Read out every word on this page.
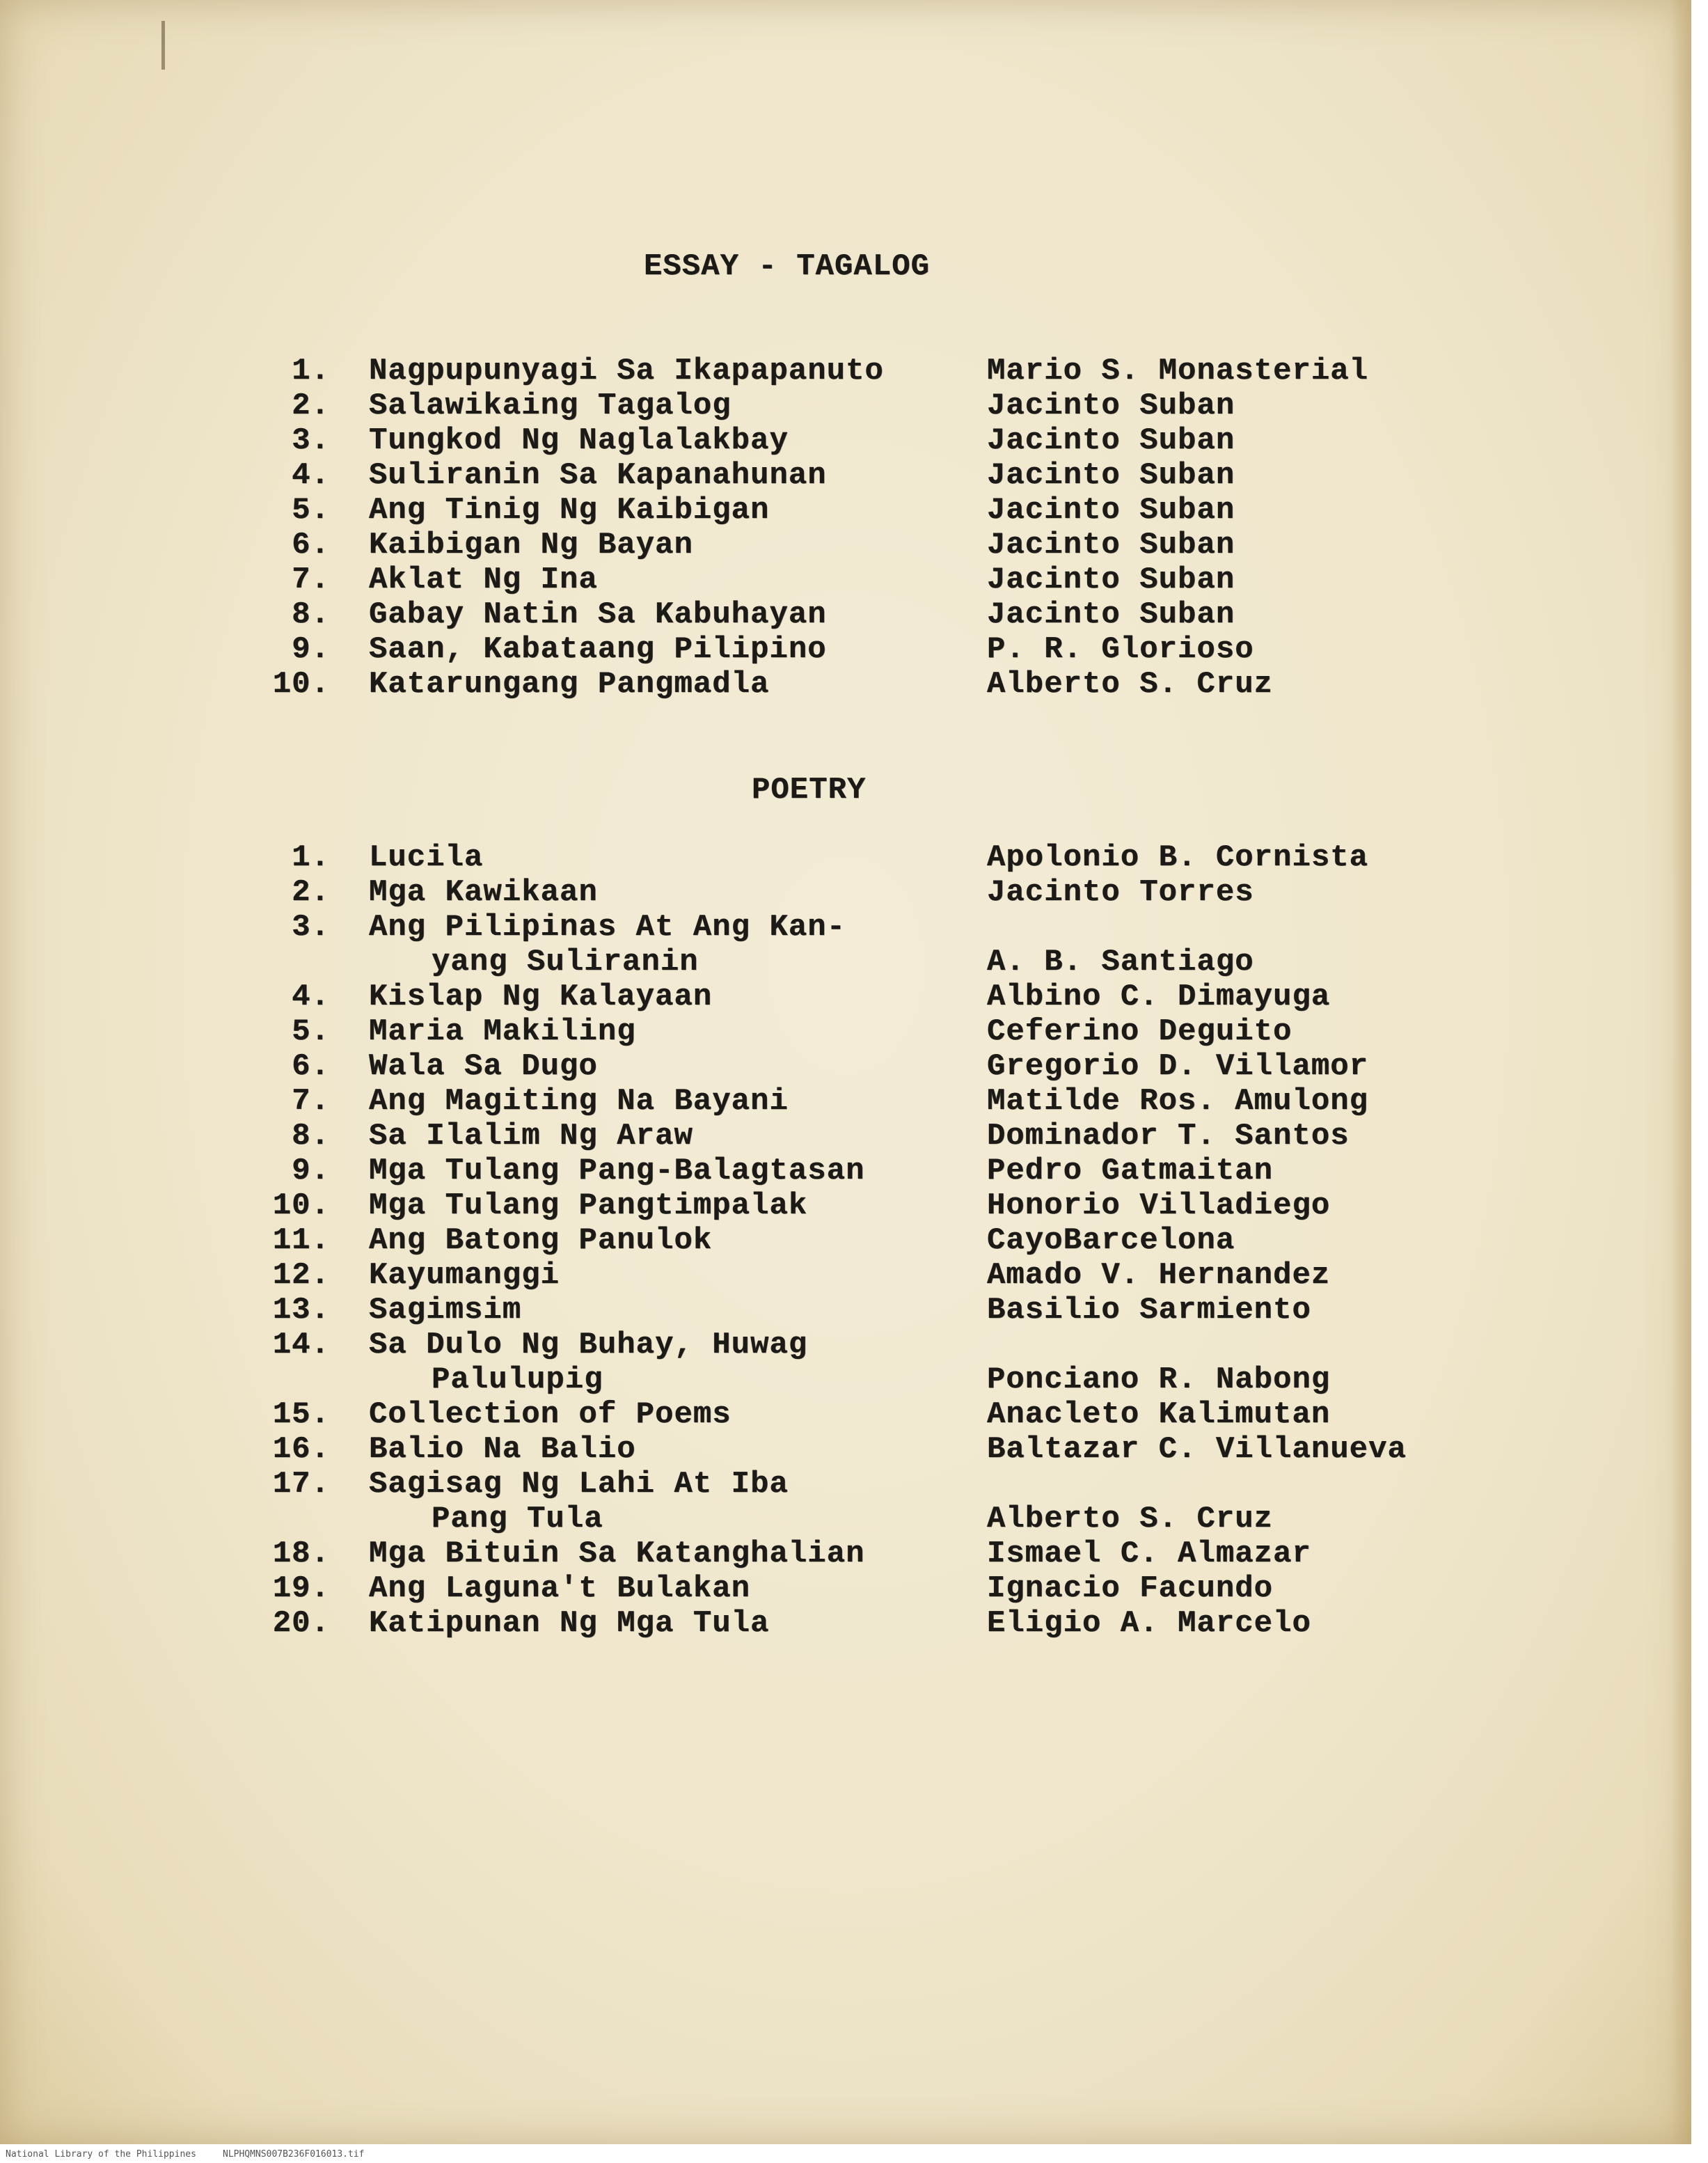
ESSAY - TAGALOG
1. Nagpupunyagi Sa Ikapapanuto	Mario S. Monasterial
2. Salawikaing Tagalog	Jacinto Suban
3. Tungkod Ng Naglalakbay	Jacinto Suban
4. Suliranin Sa Kapanahunan	Jacinto Suban
5. Ang Tinig Ng Kaibigan	Jacinto Suban
6. Kaibigan Ng Bayan	Jacinto Suban
7. Aklat Ng Ina	Jacinto Suban
8. Gabay Natin Sa Kabuhayan	Jacinto Suban
9. Saan, Kabataang Pilipino	P. R. Glorioso
10. Katarungang Pangmadla	Alberto S. Cruz
POETRY
1. Lucila	Apolonio B. Cornista
2. Mga Kawikaan	Jacinto Torres
3. Ang Pilipinas At Ang Kan-
yang Suliranin	A. B. Santiago
4. Kislap Ng Kalayaan	Albino C. Dimayuga
5. Maria Makiling	Ceferino Deguito
6. Wala Sa Dugo	Gregorio D. Villamor
7. Ang Magiting Na Bayani	Matilde Ros. Amulong
8. Sa Ilalim Ng Araw	Dominador T. Santos
9. Mga Tulang Pang-Balagtasan	Pedro Gatmaitan
10. Mga Tulang Pangtimpalak	Honorio Villadiego
11. Ang Batong Panulok	CayoBarcelona
12. Kayumanggi	Amado V. Hernandez
13. Sagimsim	Basilio Sarmiento
14. Sa Dulo Ng Buhay, Huwag
Palulupig	Ponciano R. Nabong
15. Collection of Poems	Anacleto Kalimutan
16. Balio Na Balio	Baltazar C. Villanueva
17. Sagisag Ng Lahi At Iba
Pang Tula	Alberto S. Cruz
18. Mga Bituin Sa Katanghalian	Ismael C. Almazar
19. Ang Laguna't Bulakan	Ignacio Facundo
20. Katipunan Ng Mga Tula	Eligio A. Marcelo
National Library of the Philippines	NLPHQMNS007B236F016013.tif
